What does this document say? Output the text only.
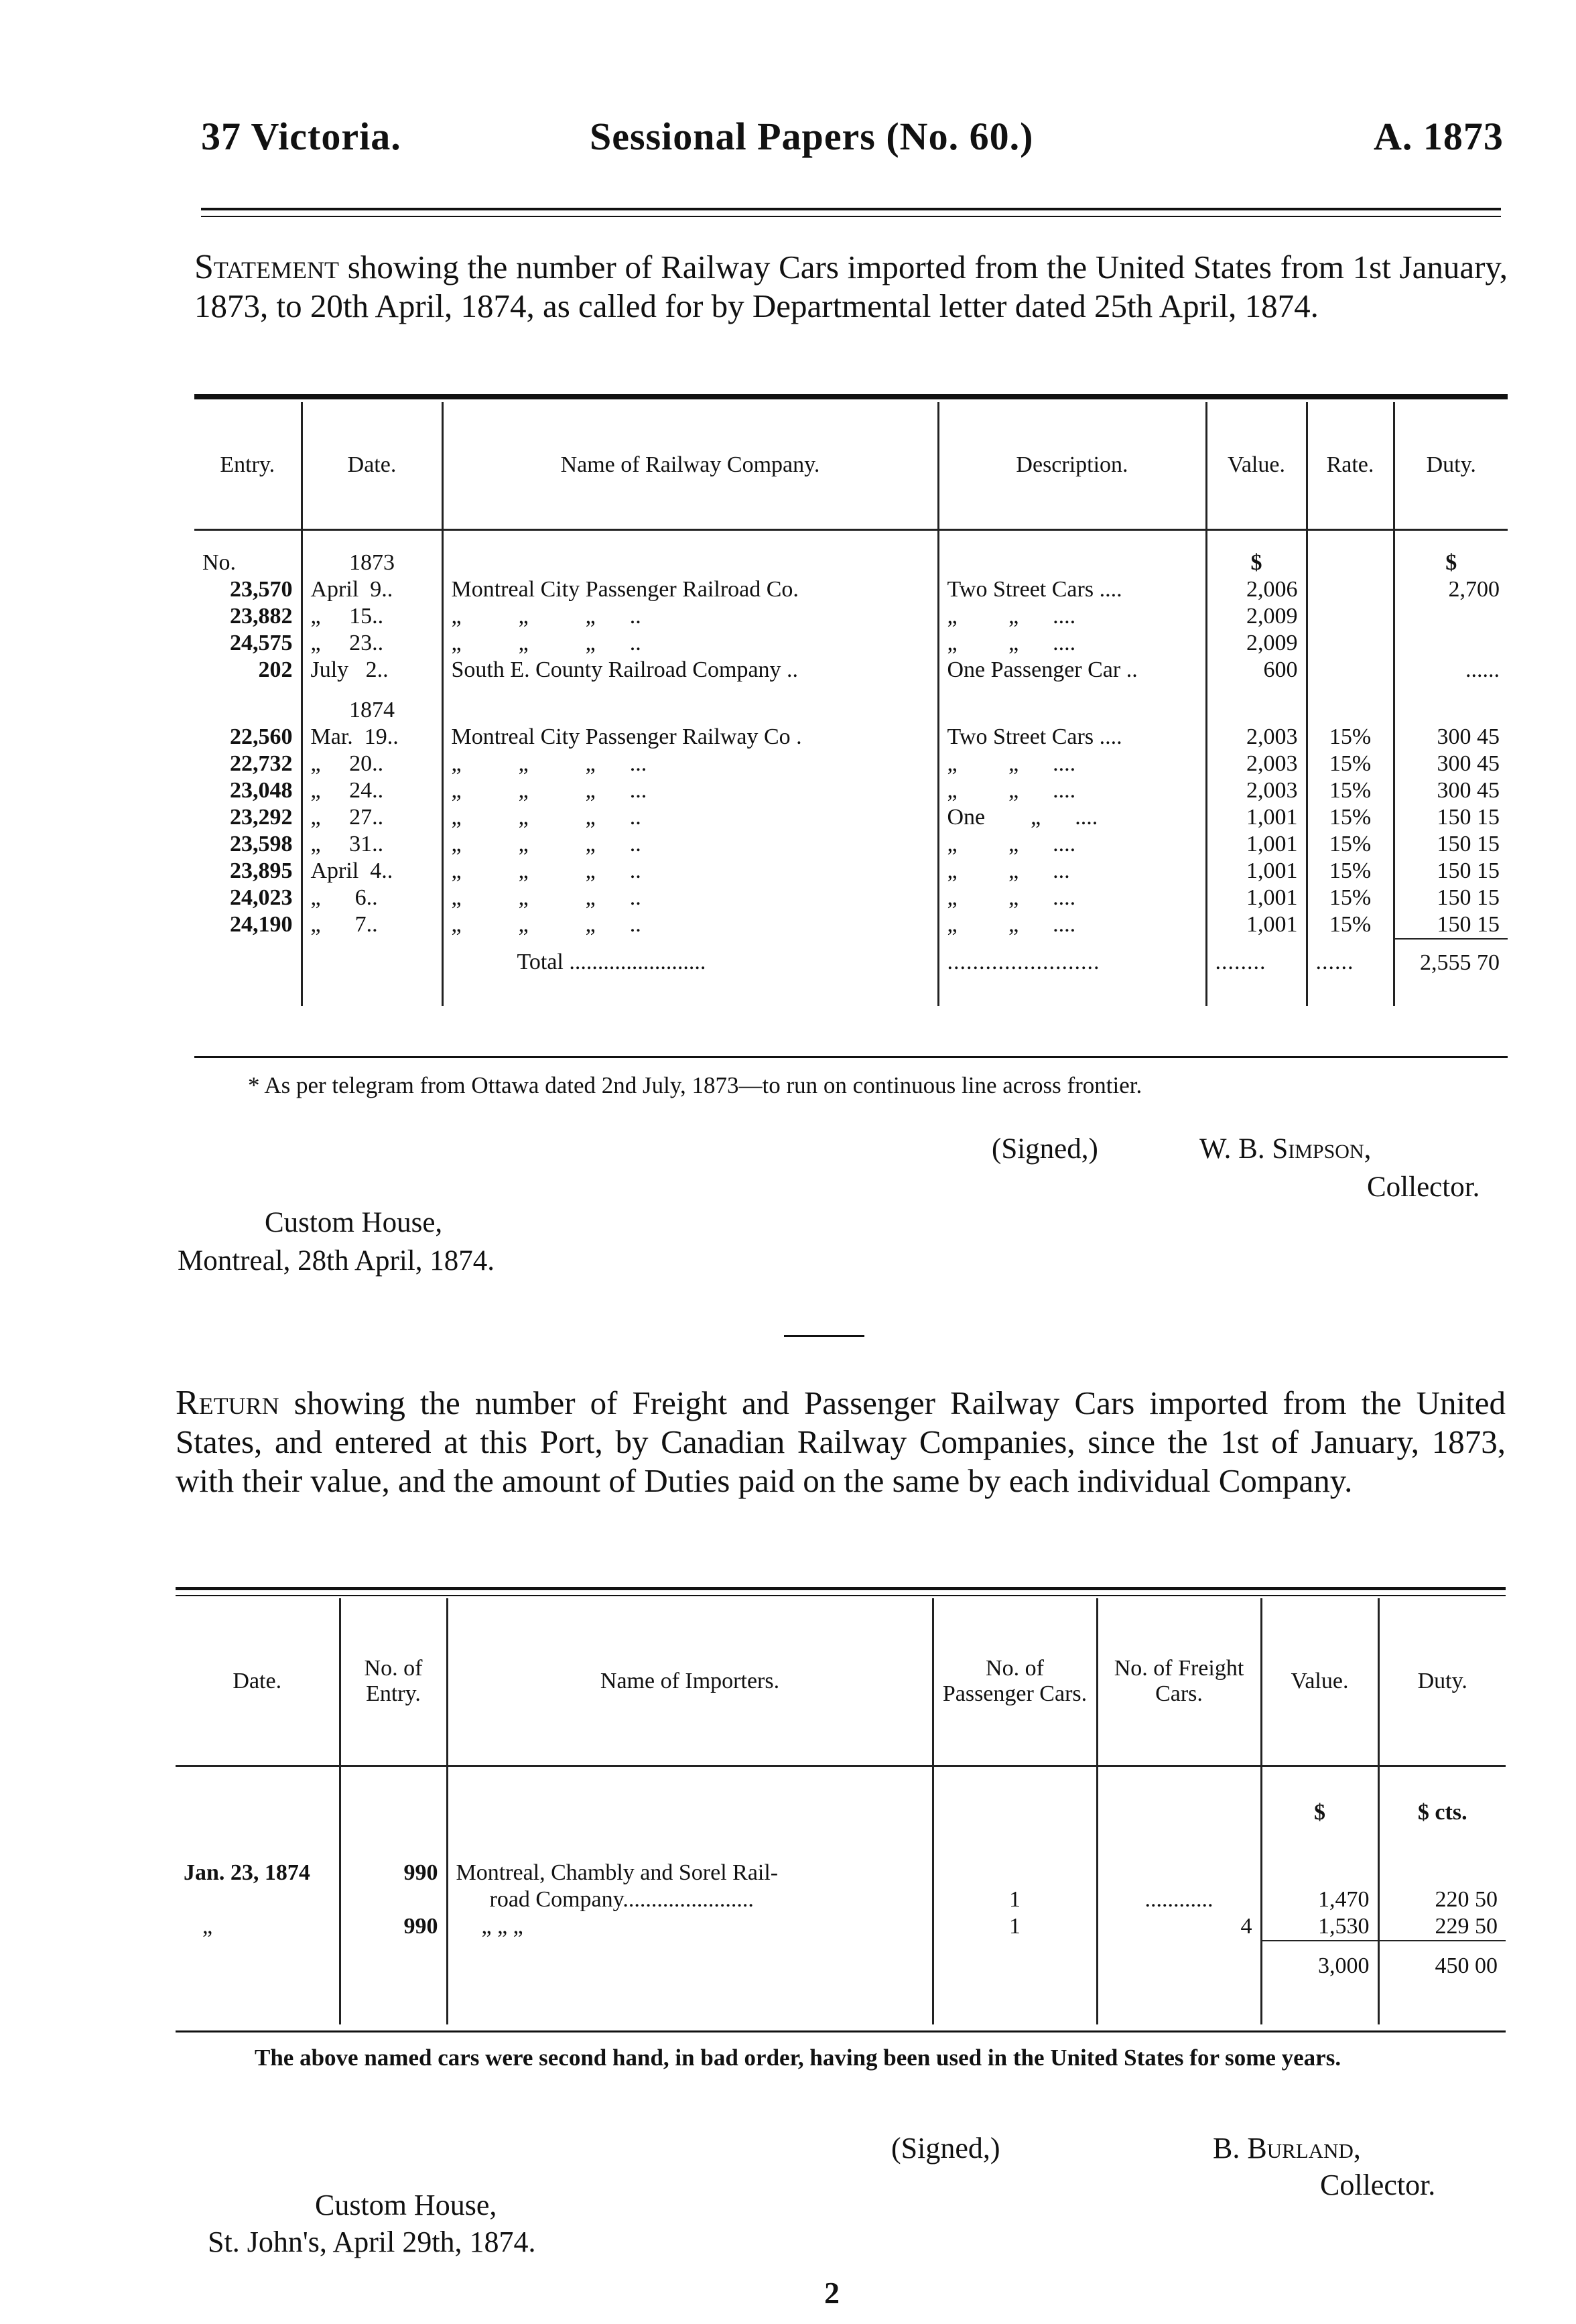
37 Victoria.	Sessional Papers (No. 60.)	A. 1873
Statement showing the number of Railway Cars imported from the United States from 1st January, 1873, to 20th April, 1874, as called for by Departmental letter dated 25th April, 1874.
Entry.	Date.	Name of Railway Company.	Description.	Value.	Rate.	Duty.
No.	1873			$		$
23,570	April  9..	Montreal City Passenger Railroad Co.	Two Street Cars ....	2,006		2,700
23,882	„     15..	„          „          „      ..	„         „      ....	2,009		
24,575	„     23..	„          „          „      ..	„         „      ....	2,009		
202	July   2..	South E. County Railroad Company ..	One Passenger Car ..	600		......
	1874					
22,560	Mar.  19..	Montreal City Passenger Railway Co .	Two Street Cars ....	2,003	15%	300 45
22,732	„     20..	„          „          „      ...	„         „      ....	2,003	15%	300 45
23,048	„     24..	„          „          „      ...	„         „      ....	2,003	15%	300 45
23,292	„     27..	„          „          „      ..	One        „      ....	1,001	15%	150 15
23,598	„     31..	„          „          „      ..	„         „      ....	1,001	15%	150 15
23,895	April  4..	„          „          „      ..	„         „      ...	1,001	15%	150 15
24,023	„      6..	„          „          „      ..	„         „      ....	1,001	15%	150 15
24,190	„      7..	„          „          „      ..	„         „      ....	1,001	15%	150 15
		Total ........................	........................	........	......	2,555 70

* As per telegram from Ottawa dated 2nd July, 1873—to run on continuous line across frontier.
(Signed,)	W. B. Simpson,
Collector.
Custom House,
Montreal, 28th April, 1874.
Return showing the number of Freight and Passenger Railway Cars imported from the United States, and entered at this Port, by Canadian Railway Companies, since the 1st of January, 1873, with their value, and the amount of Duties paid on the same by each individual Company.
Date.	No. of Entry.	Name of Importers.	No. of Passenger Cars.	No. of Freight Cars.	Value.	Duty.
					$	$ cts.

Jan. 23, 1874	990	Montreal, Chambly and Sorel Rail-
road Company.......................	1	............	1,470	220 50
„	990	„ „ „	1	4	1,530	229 50
					3,000	450 00

The above named cars were second hand, in bad order, having been used in the United States for some years.
(Signed,)	B. Burland,
Collector.
Custom House,
St. John's, April 29th, 1874.
2
